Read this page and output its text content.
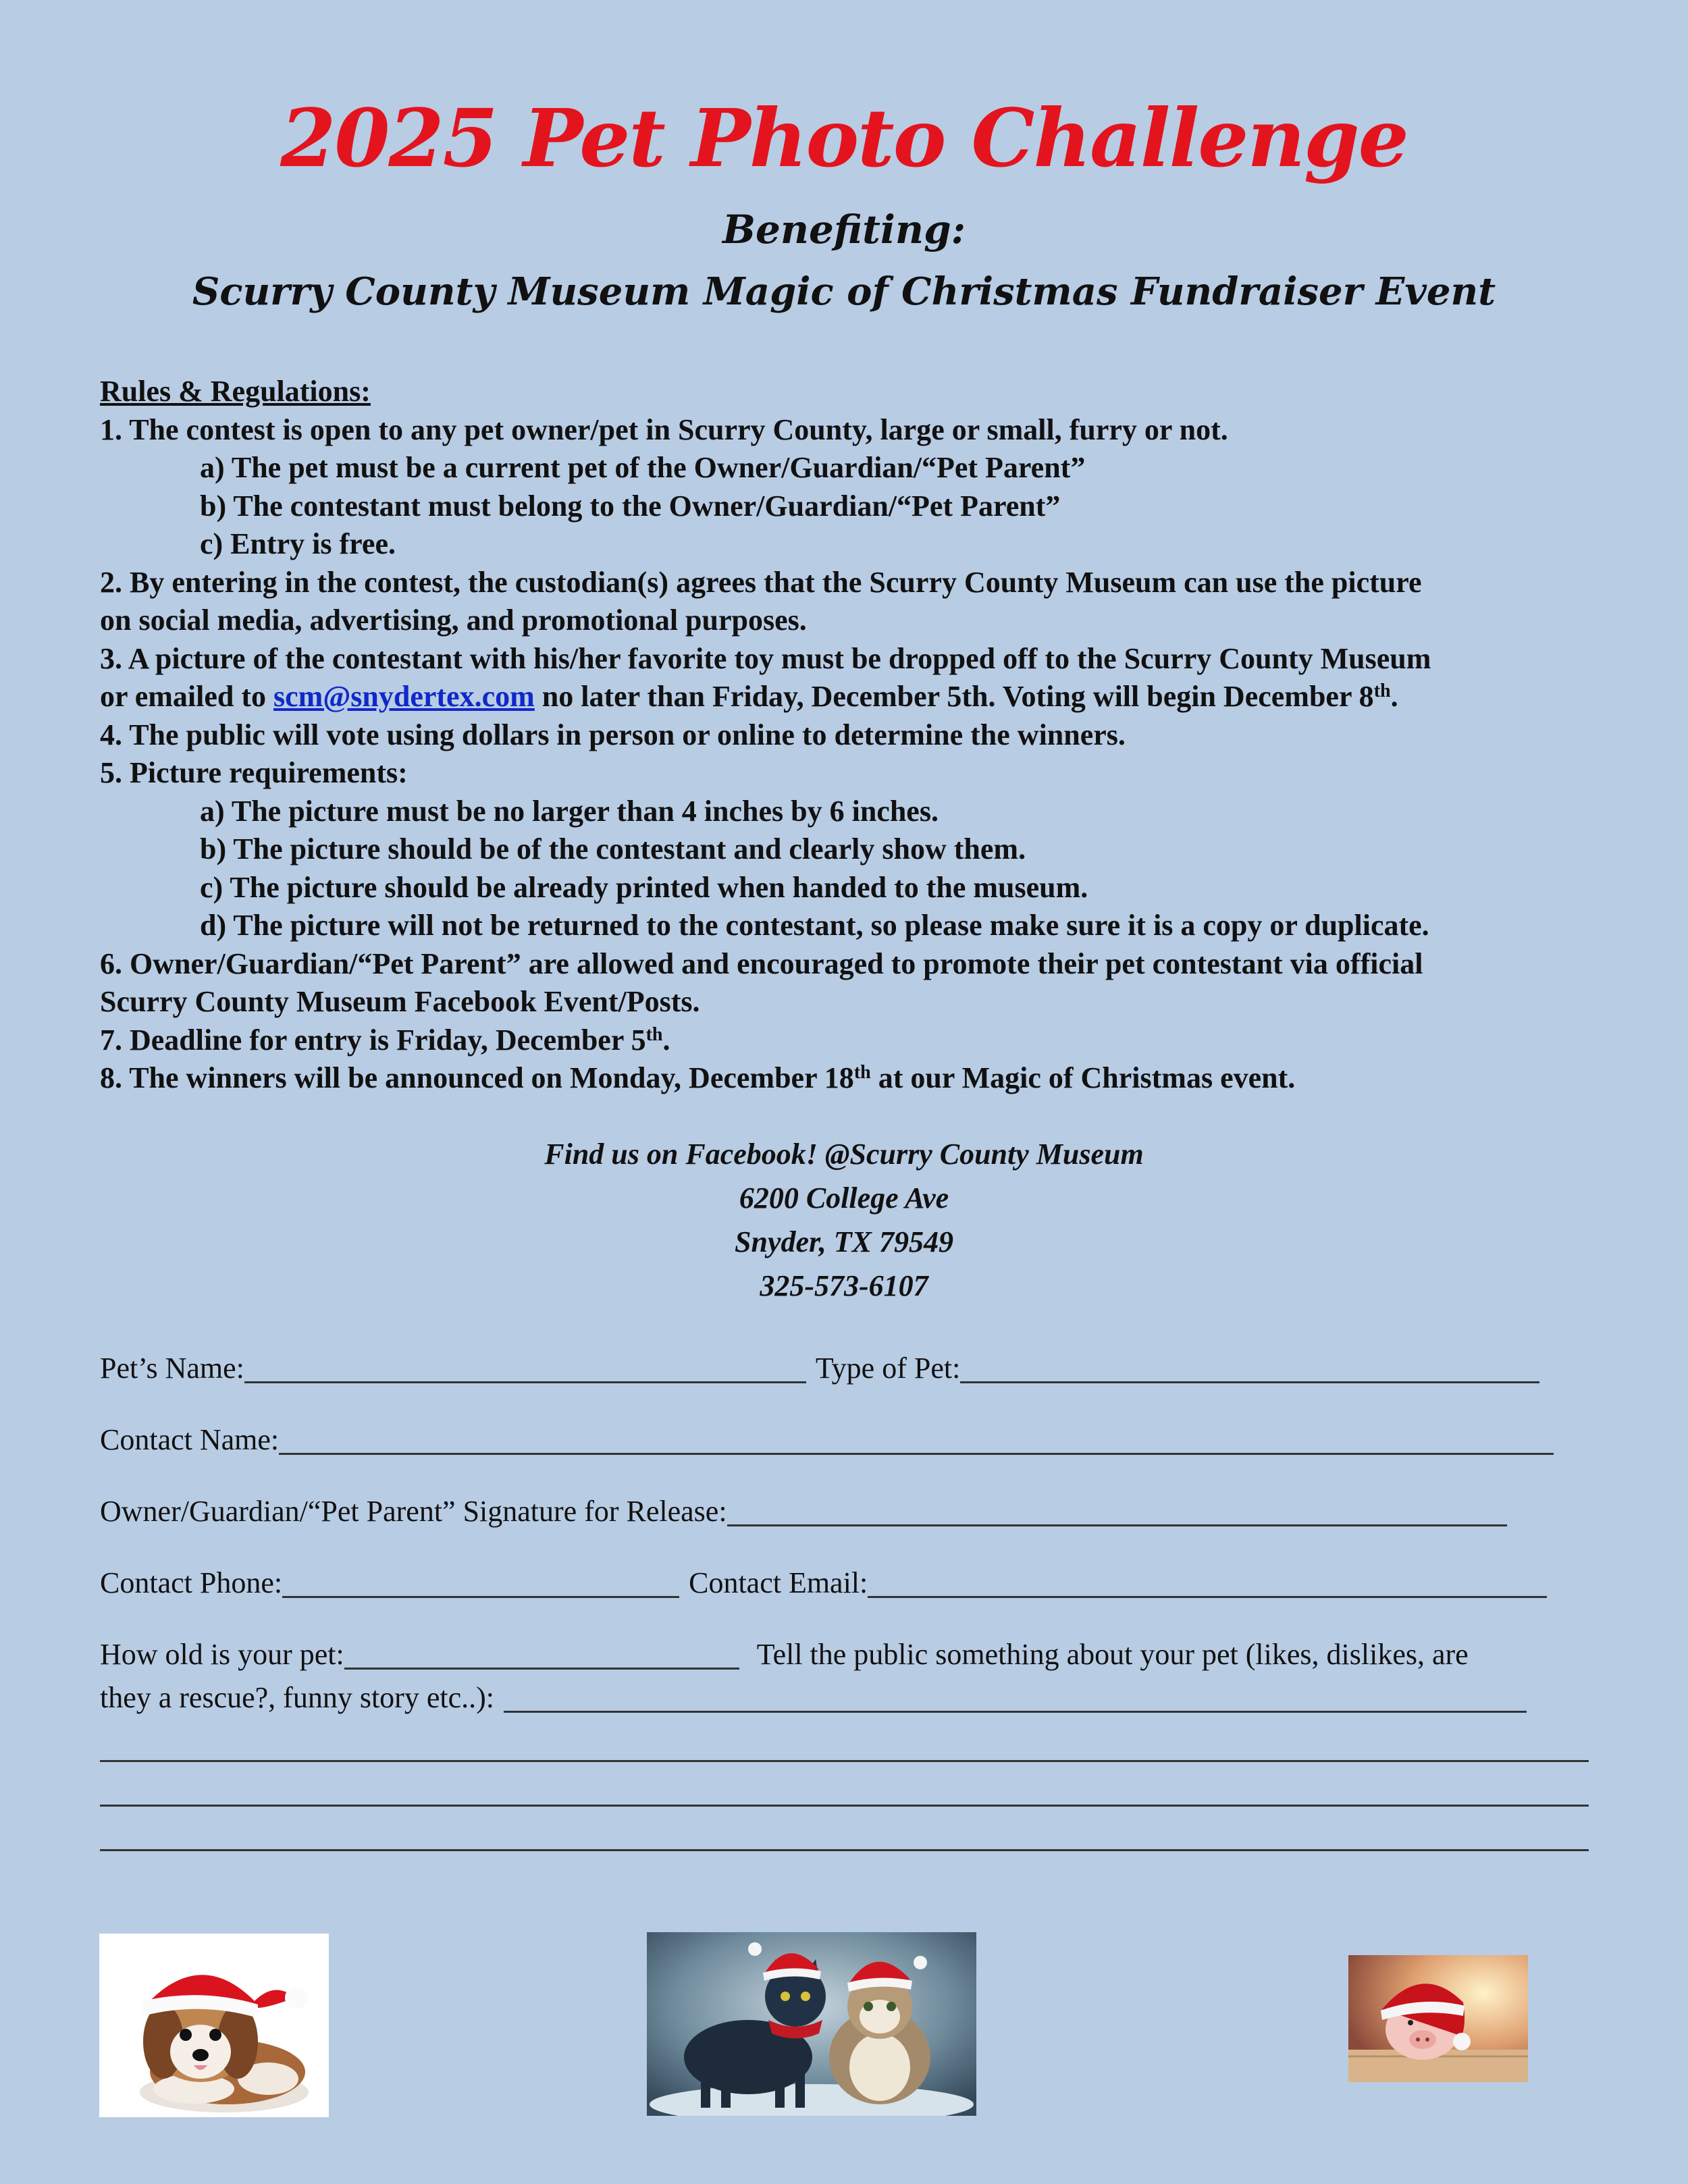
2025 Pet Photo Challenge
Benefiting:
Scurry County Museum Magic of Christmas Fundraiser Event
Rules & Regulations:
1. The contest is open to any pet owner/pet in Scurry County, large or small, furry or not.
a) The pet must be a current pet of the Owner/Guardian/“Pet Parent”
b) The contestant must belong to the Owner/Guardian/“Pet Parent”
c) Entry is free.
2. By entering in the contest, the custodian(s) agrees that the Scurry County Museum can use the picture
on social media, advertising, and promotional purposes.
3. A picture of the contestant with his/her favorite toy must be dropped off to the Scurry County Museum
or emailed to scm@snydertex.com no later than Friday, December 5th. Voting will begin December 8th.
4. The public will vote using dollars in person or online to determine the winners.
5. Picture requirements:
a) The picture must be no larger than 4 inches by 6 inches.
b) The picture should be of the contestant and clearly show them.
c) The picture should be already printed when handed to the museum.
d) The picture will not be returned to the contestant, so please make sure it is a copy or duplicate.
6. Owner/Guardian/“Pet Parent” are allowed and encouraged to promote their pet contestant via official
Scurry County Museum Facebook Event/Posts.
7. Deadline for entry is Friday, December 5th.
8. The winners will be announced on Monday, December 18th at our Magic of Christmas event.
Find us on Facebook! @Scurry County Museum
6200 College Ave
Snyder, TX 79549
325-573-6107
Pet’s Name:	Type of Pet:
Contact Name:
Owner/Guardian/“Pet Parent” Signature for Release:
Contact Phone:	Contact Email:
How old is your pet:	Tell the public something about your pet (likes, dislikes, are
they a rescue?, funny story etc..):
